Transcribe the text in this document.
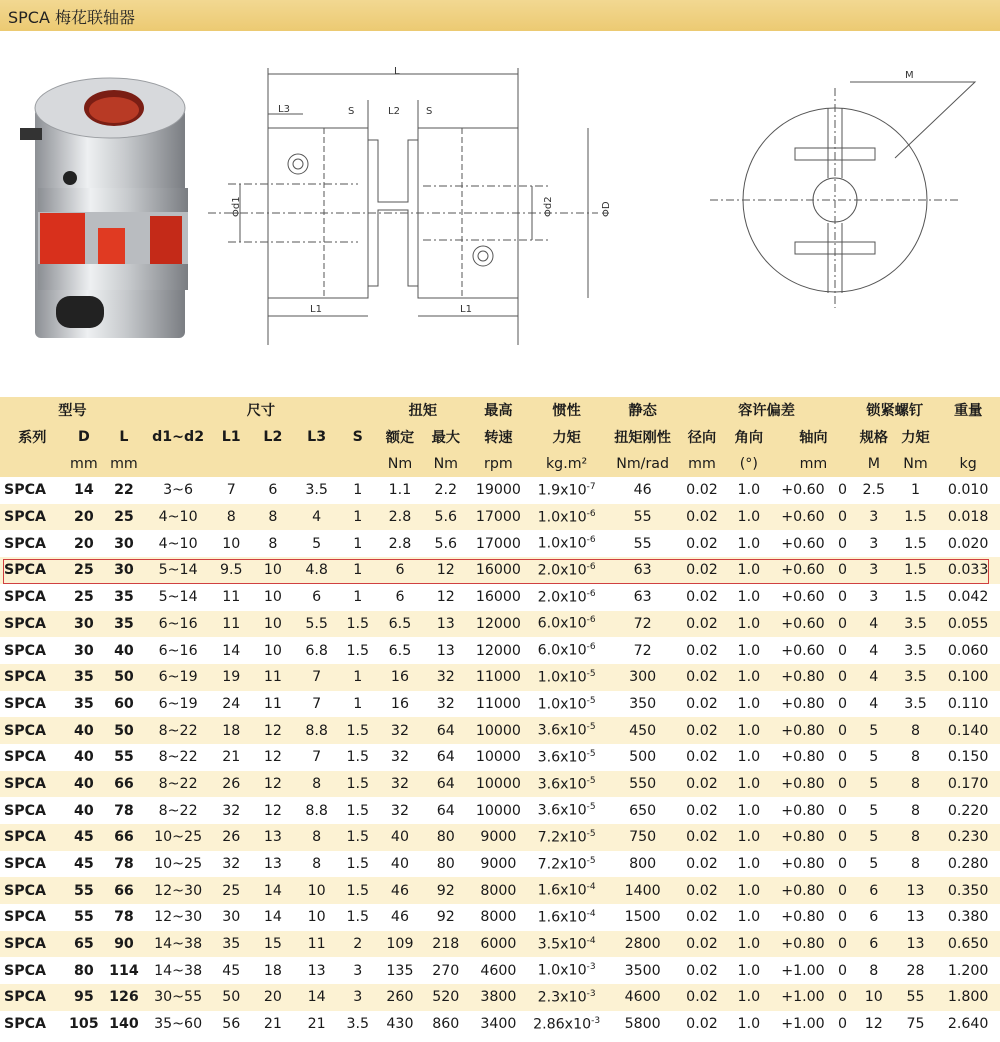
SPCA 梅花联轴器
L
L3	S	L2	S
Φd1	Φd2	ΦD
L1	L1
M
型号			尺寸					扭矩		最高	惯性	静态	容许偏差				锁紧螺钉		重量
系列	D	L	d1~d2	L1	L2	L3	S	额定	最大	转速	力矩	扭矩刚性	径向	角向	轴向		规格	力矩	
	mm	mm						Nm	Nm	rpm	kg.m²	Nm/rad	mm	(°)	mm		M	Nm	kg
SPCA	14	22	3~6	7	6	3.5	1	1.1	2.2	19000	$1.9x10^{-7}$	46	0.02	1.0	+0.60	0	2.5	1	0.010
SPCA	20	25	4~10	8	8	4	1	2.8	5.6	17000	$1.0x10^{-6}$	55	0.02	1.0	+0.60	0	3	1.5	0.018
SPCA	20	30	4~10	10	8	5	1	2.8	5.6	17000	$1.0x10^{-6}$	55	0.02	1.0	+0.60	0	3	1.5	0.020
SPCA	25	30	5~14	9.5	10	4.8	1	6	12	16000	$2.0x10^{-6}$	63	0.02	1.0	+0.60	0	3	1.5	0.033
SPCA	25	35	5~14	11	10	6	1	6	12	16000	$2.0x10^{-6}$	63	0.02	1.0	+0.60	0	3	1.5	0.042
SPCA	30	35	6~16	11	10	5.5	1.5	6.5	13	12000	$6.0x10^{-6}$	72	0.02	1.0	+0.60	0	4	3.5	0.055
SPCA	30	40	6~16	14	10	6.8	1.5	6.5	13	12000	$6.0x10^{-6}$	72	0.02	1.0	+0.60	0	4	3.5	0.060
SPCA	35	50	6~19	19	11	7	1	16	32	11000	$1.0x10^{-5}$	300	0.02	1.0	+0.80	0	4	3.5	0.100
SPCA	35	60	6~19	24	11	7	1	16	32	11000	$1.0x10^{-5}$	350	0.02	1.0	+0.80	0	4	3.5	0.110
SPCA	40	50	8~22	18	12	8.8	1.5	32	64	10000	$3.6x10^{-5}$	450	0.02	1.0	+0.80	0	5	8	0.140
SPCA	40	55	8~22	21	12	7	1.5	32	64	10000	$3.6x10^{-5}$	500	0.02	1.0	+0.80	0	5	8	0.150
SPCA	40	66	8~22	26	12	8	1.5	32	64	10000	$3.6x10^{-5}$	550	0.02	1.0	+0.80	0	5	8	0.170
SPCA	40	78	8~22	32	12	8.8	1.5	32	64	10000	$3.6x10^{-5}$	650	0.02	1.0	+0.80	0	5	8	0.220
SPCA	45	66	10~25	26	13	8	1.5	40	80	9000	$7.2x10^{-5}$	750	0.02	1.0	+0.80	0	5	8	0.230
SPCA	45	78	10~25	32	13	8	1.5	40	80	9000	$7.2x10^{-5}$	800	0.02	1.0	+0.80	0	5	8	0.280
SPCA	55	66	12~30	25	14	10	1.5	46	92	8000	$1.6x10^{-4}$	1400	0.02	1.0	+0.80	0	6	13	0.350
SPCA	55	78	12~30	30	14	10	1.5	46	92	8000	$1.6x10^{-4}$	1500	0.02	1.0	+0.80	0	6	13	0.380
SPCA	65	90	14~38	35	15	11	2	109	218	6000	$3.5x10^{-4}$	2800	0.02	1.0	+0.80	0	6	13	0.650
SPCA	80	114	14~38	45	18	13	3	135	270	4600	$1.0x10^{-3}$	3500	0.02	1.0	+1.00	0	8	28	1.200
SPCA	95	126	30~55	50	20	14	3	260	520	3800	$2.3x10^{-3}$	4600	0.02	1.0	+1.00	0	10	55	1.800
SPCA	105	140	35~60	56	21	21	3.5	430	860	3400	$2.86x10^{-3}$	5800	0.02	1.0	+1.00	0	12	75	2.640
